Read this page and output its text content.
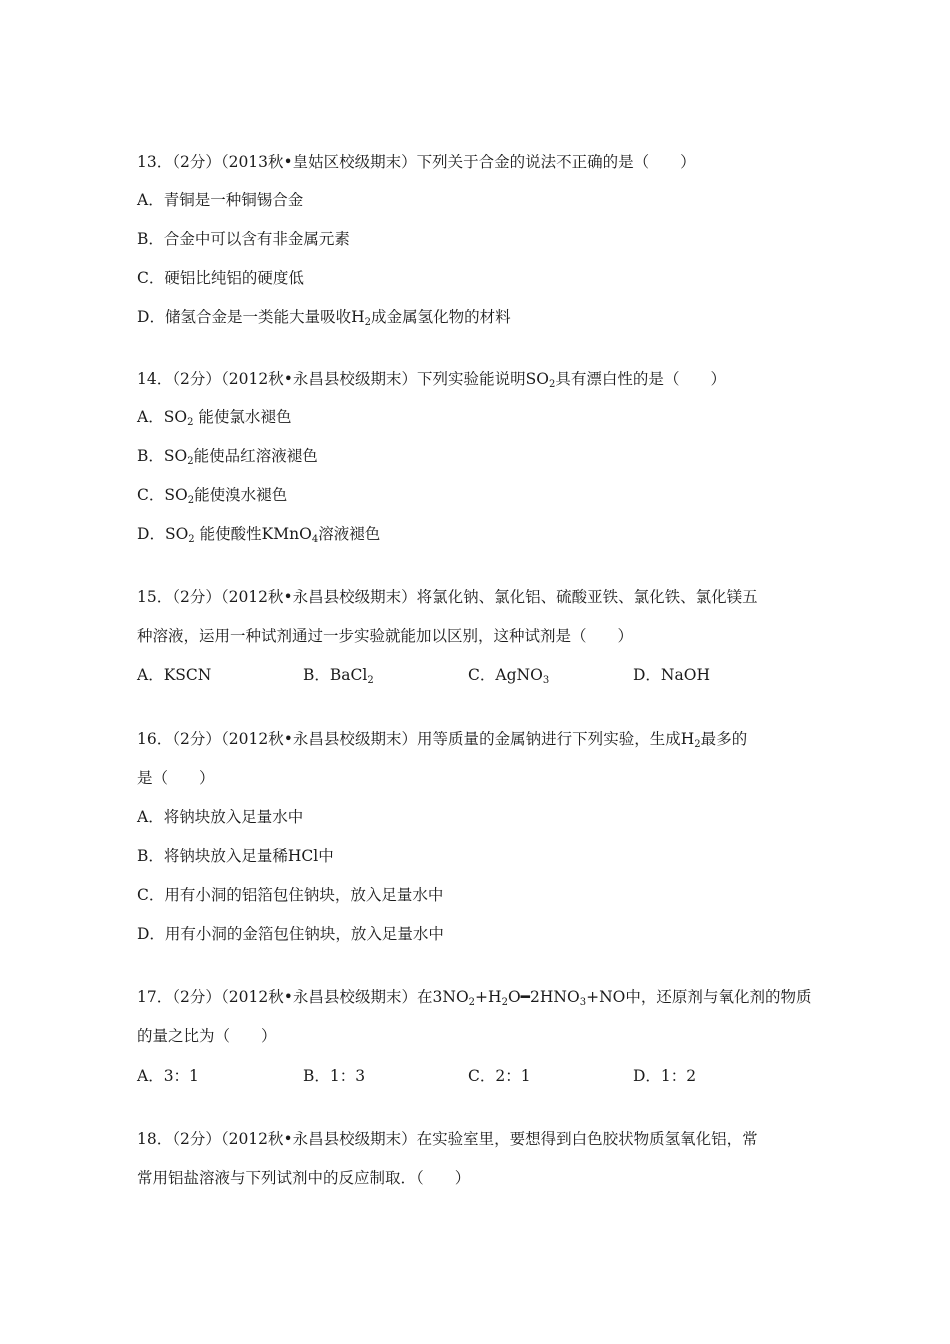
13．（2分）（2013秋•皇姑区校级期末）下列关于合金的说法不正确的是（　　）
A．青铜是一种铜锡合金
B．合金中可以含有非金属元素
C．硬铝比纯铝的硬度低
D．储氢合金是一类能大量吸收$H_2$成金属氢化物的材料
14．（2分）（2012秋•永昌县校级期末）下列实验能说明$SO_2$具有漂白性的是（　　 ）
A．$SO_2$ 能使氯水褪色
B．$SO_2$能使品红溶液褪色
C．$SO_2$能使溴水褪色
D．$SO_2$ 能使酸性KMnO$_4$溶液褪色
15．（2分）（2012秋•永昌县校级期末）将氯化钠、氯化铝、硫酸亚铁、氯化铁、氯化镁五
种溶液，运用一种试剂通过一步实验就能加以区别，这种试剂是（　　）
A．KSCN	B．BaCl$_2$	C．AgNO$_3$	D．NaOH
16．（2分）（2012秋•永昌县校级期末）用等质量的金属钠进行下列实验，生成$H_2$最多的
是（　　）
A．将钠块放入足量水中
B．将钠块放入足量稀HCl中
C．用有小洞的铝箔包住钠块，放入足量水中
D．用有小洞的金箔包住钠块，放入足量水中
17．（2分）（2012秋•永昌县校级期末）在$3NO_2+H_2O━2HNO_3+NO$中，还原剂与氧化剂的物质
的量之比为（　　）
A．3：1	B．1：3	C．2：1	D．1：2
18．（2分）（2012秋•永昌县校级期末）在实验室里，要想得到白色胶状物质氢氧化铝，常
常用铝盐溶液与下列试剂中的反应制取．（　　）
